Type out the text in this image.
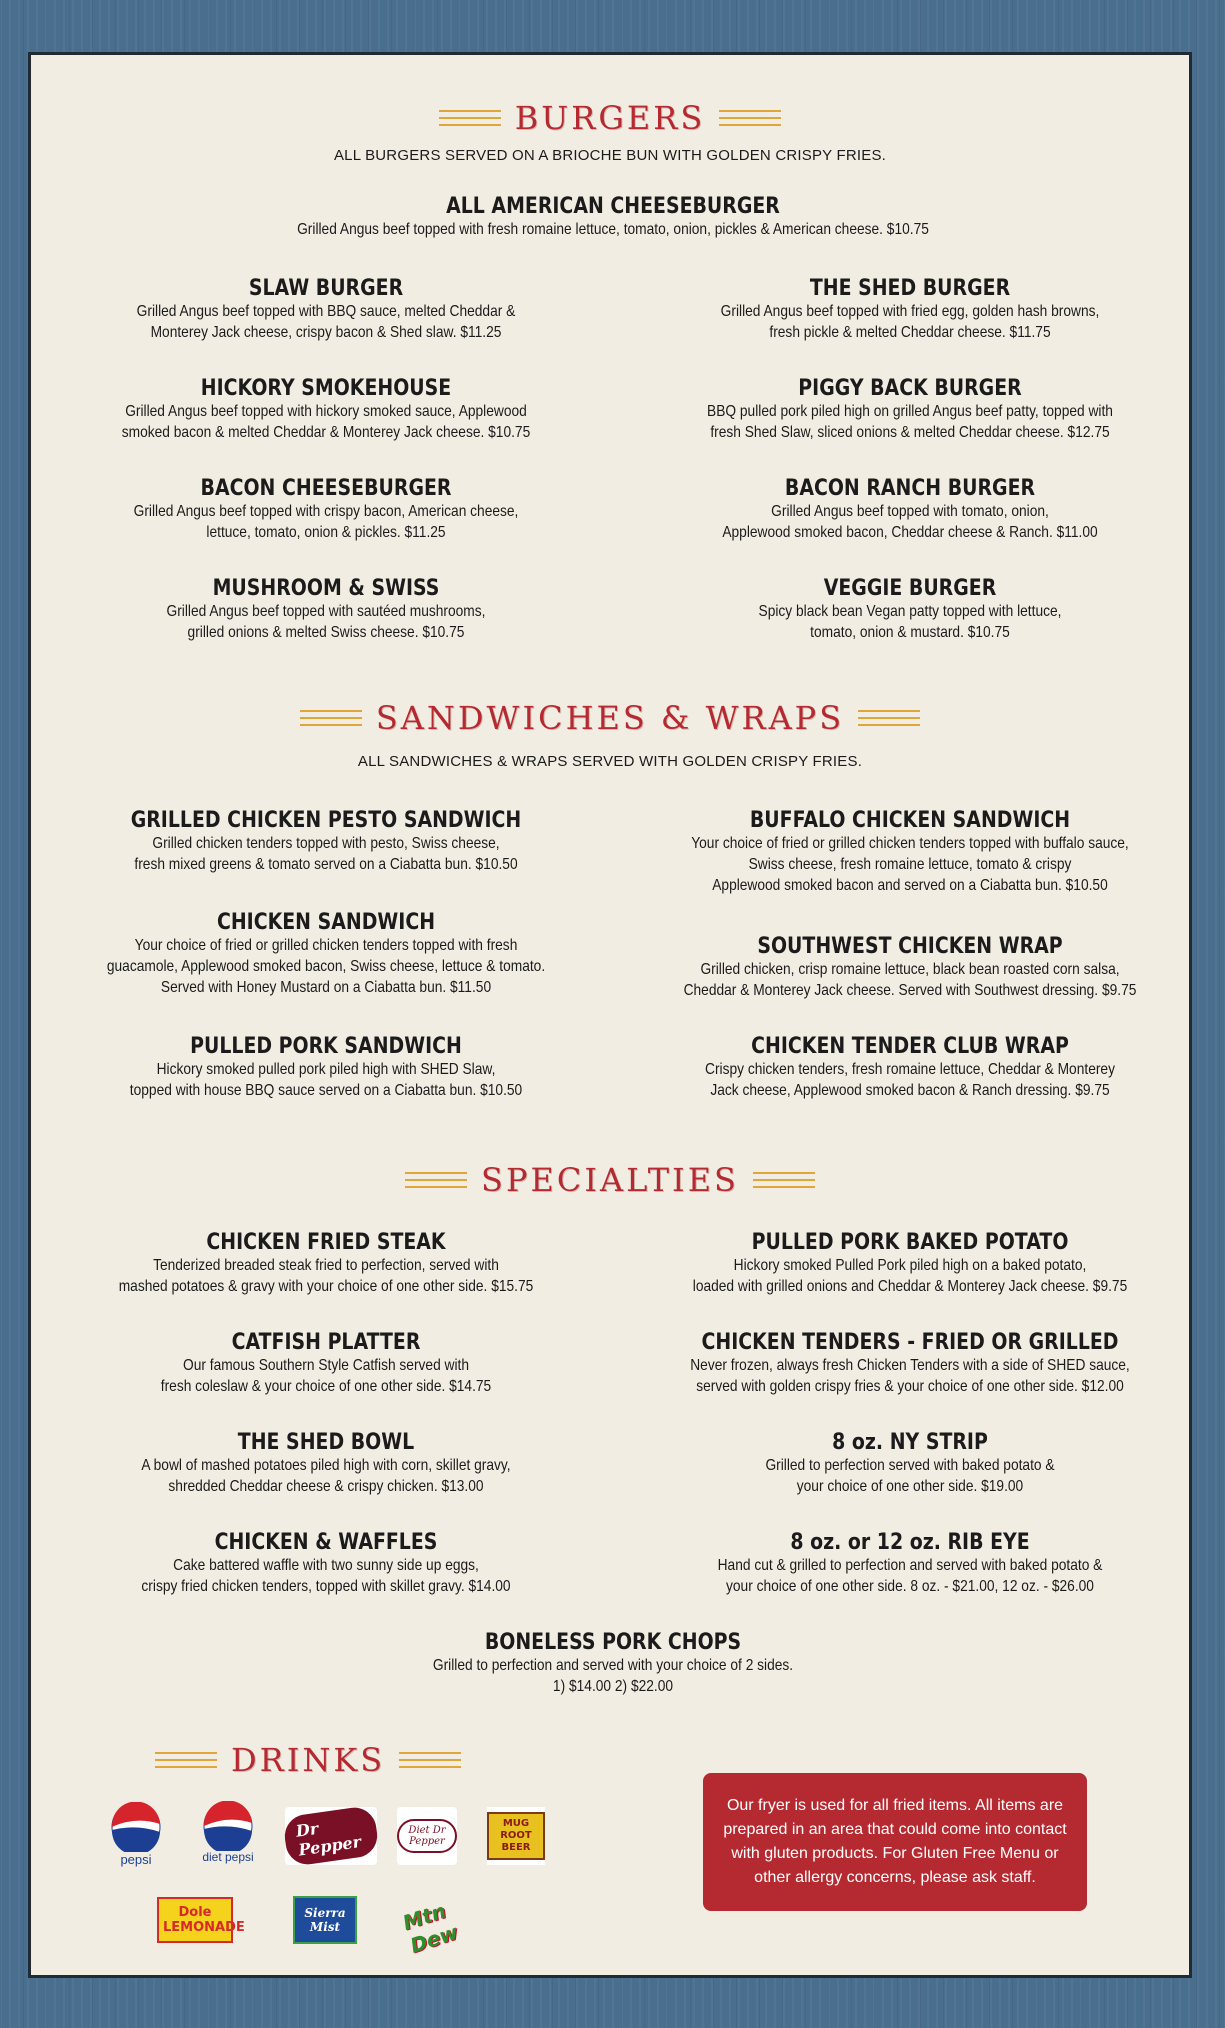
BURGERS
ALL BURGERS SERVED ON A BRIOCHE BUN WITH GOLDEN CRISPY FRIES.
ALL AMERICAN CHEESEBURGER
Grilled Angus beef topped with fresh romaine lettuce, tomato, onion, pickles & American cheese. $10.75
SLAW BURGER
Grilled Angus beef topped with BBQ sauce, melted Cheddar &
Monterey Jack cheese, crispy bacon & Shed slaw. $11.25
THE SHED BURGER
Grilled Angus beef topped with fried egg, golden hash browns,
fresh pickle & melted Cheddar cheese. $11.75
HICKORY SMOKEHOUSE
Grilled Angus beef topped with hickory smoked sauce, Applewood
smoked bacon & melted Cheddar & Monterey Jack cheese. $10.75
PIGGY BACK BURGER
BBQ pulled pork piled high on grilled Angus beef patty, topped with
fresh Shed Slaw, sliced onions & melted Cheddar cheese. $12.75
BACON CHEESEBURGER
Grilled Angus beef topped with crispy bacon, American cheese,
lettuce, tomato, onion & pickles. $11.25
BACON RANCH BURGER
Grilled Angus beef topped with tomato, onion,
Applewood smoked bacon, Cheddar cheese & Ranch. $11.00
MUSHROOM & SWISS
Grilled Angus beef topped with sautéed mushrooms,
grilled onions & melted Swiss cheese. $10.75
VEGGIE BURGER
Spicy black bean Vegan patty topped with lettuce,
tomato, onion & mustard. $10.75
SANDWICHES & WRAPS
ALL SANDWICHES & WRAPS SERVED WITH GOLDEN CRISPY FRIES.
GRILLED CHICKEN PESTO SANDWICH
Grilled chicken tenders topped with pesto, Swiss cheese,
fresh mixed greens & tomato served on a Ciabatta bun. $10.50
BUFFALO CHICKEN SANDWICH
Your choice of fried or grilled chicken tenders topped with buffalo sauce,
Swiss cheese, fresh romaine lettuce, tomato & crispy
Applewood smoked bacon and served on a Ciabatta bun. $10.50
CHICKEN SANDWICH
Your choice of fried or grilled chicken tenders topped with fresh
guacamole, Applewood smoked bacon, Swiss cheese, lettuce & tomato.
Served with Honey Mustard on a Ciabatta bun. $11.50
SOUTHWEST CHICKEN WRAP
Grilled chicken, crisp romaine lettuce, black bean roasted corn salsa,
Cheddar & Monterey Jack cheese. Served with Southwest dressing. $9.75
PULLED PORK SANDWICH
Hickory smoked pulled pork piled high with SHED Slaw,
topped with house BBQ sauce served on a Ciabatta bun. $10.50
CHICKEN TENDER CLUB WRAP
Crispy chicken tenders, fresh romaine lettuce, Cheddar & Monterey
Jack cheese, Applewood smoked bacon & Ranch dressing. $9.75
SPECIALTIES
CHICKEN FRIED STEAK
Tenderized breaded steak fried to perfection, served with
mashed potatoes & gravy with your choice of one other side. $15.75
PULLED PORK BAKED POTATO
Hickory smoked Pulled Pork piled high on a baked potato,
loaded with grilled onions and Cheddar & Monterey Jack cheese. $9.75
CATFISH PLATTER
Our famous Southern Style Catfish served with
fresh coleslaw & your choice of one other side. $14.75
CHICKEN TENDERS - FRIED OR GRILLED
Never frozen, always fresh Chicken Tenders with a side of SHED sauce,
served with golden crispy fries & your choice of one other side. $12.00
THE SHED BOWL
A bowl of mashed potatoes piled high with corn, skillet gravy,
shredded Cheddar cheese & crispy chicken. $13.00
8 oz. NY STRIP
Grilled to perfection served with baked potato &
your choice of one other side. $19.00
CHICKEN & WAFFLES
Cake battered waffle with two sunny side up eggs,
crispy fried chicken tenders, topped with skillet gravy. $14.00
8 oz. or 12 oz. RIB EYE
Hand cut & grilled to perfection and served with baked potato &
your choice of one other side. 8 oz. - $21.00, 12 oz. - $26.00
BONELESS PORK CHOPS
Grilled to perfection and served with your choice of 2 sides.
1) $14.00 2) $22.00
DRINKS
pepsi	diet pepsi
Dr Pepper
Diet Dr Pepper
MUG ROOT BEER
Dole LEMONADE
Sierra Mist	Mtn Dew
Our fryer is used for all fried items. All items are prepared in an area that could come into contact with gluten products. For Gluten Free Menu or other allergy concerns, please ask staff.
